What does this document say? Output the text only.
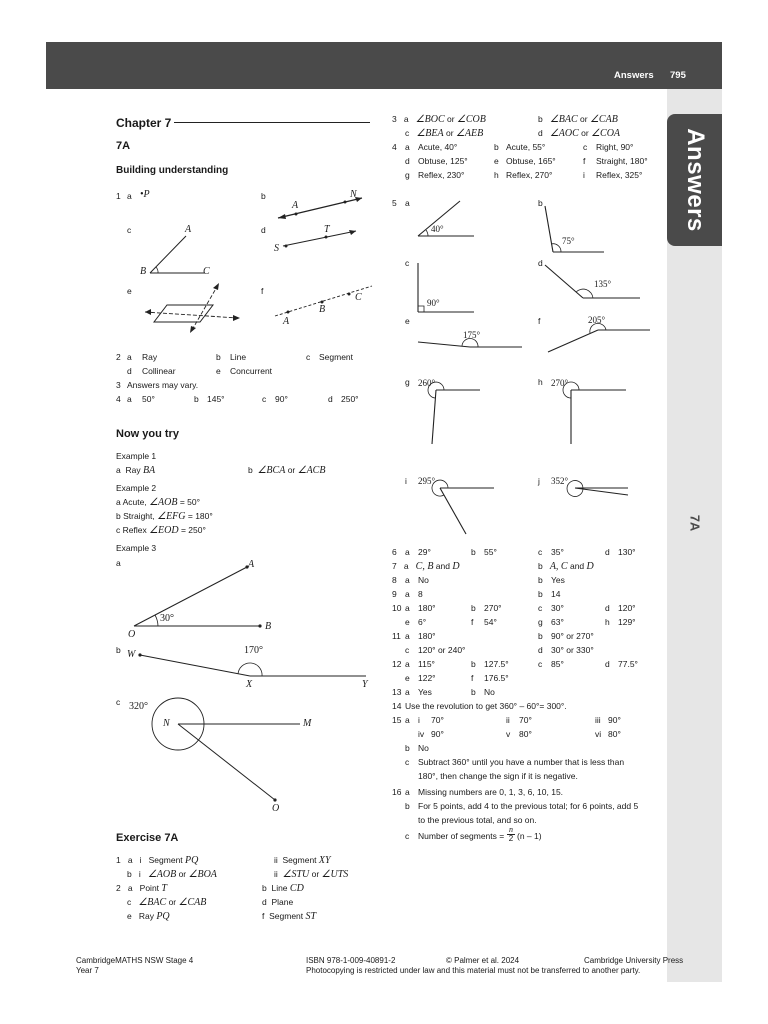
Answers 795
Answers
7A
Chapter 7
7A
Building understanding
1 a •P	b
c	d
e	f
A
N
A
B	C
T
S
A
B
C
2 a Ray	b Line	c Segment
d Collinear	e Concurrent
3 Answers may vary.
4 a 50°	b 145°	c 90°	d 250°
Now you try
Example 1
a Ray BA	b ∠BCA or ∠ACB
Example 2
a Acute, ∠AOB = 50°
b Straight, ∠EFG = 180°
c Reflex ∠EOD = 250°
Example 3
a
b
c
A
O
B
30°
W
X	Y
170°
N	M
O
320°
Exercise 7A
1 a i Segment PQ	ii Segment XY
b i ∠AOB or ∠BOA	ii ∠STU or ∠UTS
2 a Point T	b Line CD
c ∠BAC or ∠CAB	d Plane
e Ray PQ	f Segment ST
3 a ∠BOC or ∠COB	b ∠BAC or ∠CAB
c ∠BEA or ∠AEB	d ∠AOC or ∠COA
4 a Acute, 40°	b Acute, 55°	c Right, 90°
d Obtuse, 125°	e Obtuse, 165°	f Straight, 180°
g Reflex, 230°	h Reflex, 270°	i Reflex, 325°
5 a	b
c	d
e	f
g	h
i	j
40°
75°
90°
135°
175°
205°
260°	270°
295°	352°
6 a 29°	b 55°	c 35°	d 130°
7 a C, B and D	b A, C and D
8 a No	b Yes
9 a 8	b 14
10 a 180°	b 270°	c 30°	d 120°
e 6°	f 54°	g 63°	h 129°
11 a 180°	b 90° or 270°
c 120° or 240°	d 30° or 330°
12 a 115°	b 127.5°	c 85°	d 77.5°
e 122°	f 176.5°
13 a Yes	b No
14 Use the revolution to get 360° – 60°= 300°.
15 a i 70°	ii 70°	iii 90°
iv 90°	v 80°	vi 80°
b No
c Subtract 360° until you have a number that is less than
180°, then change the sign if it is negative.
16 a Missing numbers are 0, 1, 3, 6, 10, 15.
b For 5 points, add 4 to the previous total; for 6 points, add 5
to the previous total, and so on.
c Number of segments =
n
2 (n – 1)
CambridgeMATHS NSW Stage 4
Year 7
ISBN 978-1-009-40891-2	© Palmer et al. 2024	Cambridge University Press
Photocopying is restricted under law and this material must not be transferred to another party.
